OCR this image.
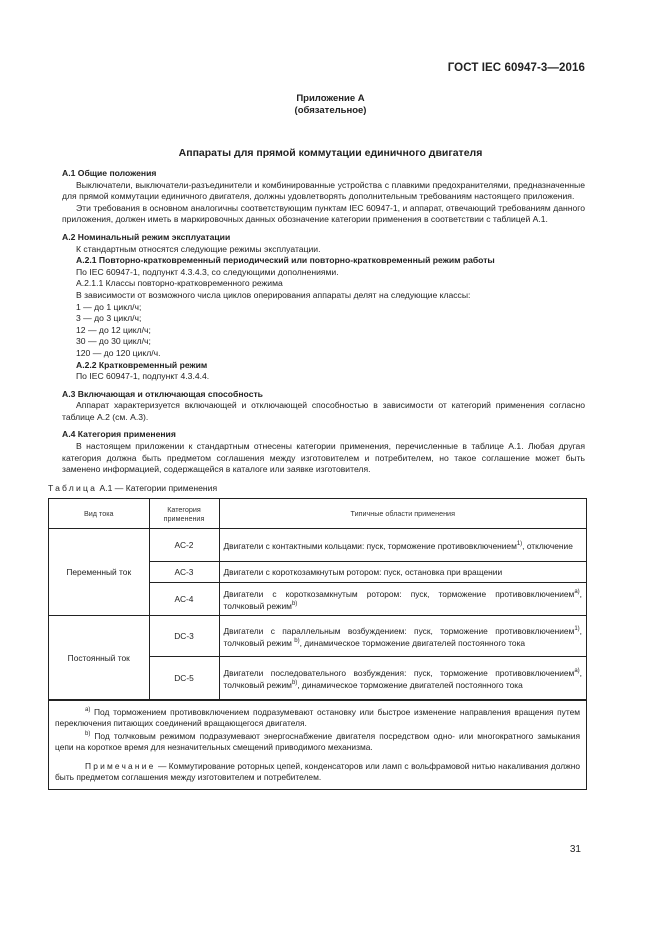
ГОСТ IEC 60947-3—2016
Приложение А
(обязательное)
Аппараты для прямой коммутации единичного двигателя

А.1 Общие положения

Выключатели, выключатели-разъединители и комбинированные устройства с плавкими предохранителями, предназначенные для прямой коммутации единичного двигателя, должны удовлетворять дополнительным требованиям настоящего приложения.

Эти требования в основном аналогичны соответствующим пунктам IEC 60947-1, и аппарат, отвечающий требованиям данного приложения, должен иметь в маркировочных данных обозначение категории применения в соответствии с таблицей А.1.

А.2 Номинальный режим эксплуатации

К стандартным относятся следующие режимы эксплуатации.

А.2.1 Повторно-кратковременный периодический или повторно-кратковременный режим работы

По IEC 60947-1, подпункт 4.3.4.3, со следующими дополнениями.

А.2.1.1 Классы повторно-кратковременного режима

В зависимости от возможного числа циклов оперирования аппараты делят на следующие классы:

1 — до 1 цикл/ч;

3 — до 3 цикл/ч;

12 — до 12 цикл/ч;

30 — до 30 цикл/ч;

120 — до 120 цикл/ч.

А.2.2 Кратковременный режим

По IEC 60947-1, подпункт 4.3.4.4.

А.3 Включающая и отключающая способность

Аппарат характеризуется включающей и отключающей способностью в зависимости от категорий применения согласно таблице А.2 (см. А.3).

А.4 Категория применения

В настоящем приложении к стандартным отнесены категории применения, перечисленные в таблице А.1. Любая другая категория должна быть предметом соглашения между изготовителем и потребителем, но такое соглашение может быть заменено информацией, содержащейся в каталоге или заявке изготовителя.

Таблица А.1 — Категории применения

Вид тока	Категория применения	Типичные области применения
Переменный ток	АС-2	Двигатели с контактными кольцами: пуск, торможение противовключением$^{1)}$, отключение
	АС-3	Двигатели с короткозамкнутым ротором: пуск, остановка при вращении
	АС-4	Двигатели с короткозамкнутым ротором: пуск, торможение противовключением$^{а)}$, толчковый режим$^{b)}$
Постоянный ток	DC-3	Двигатели с параллельным возбуждением: пуск, торможение противовключением$^{1)}$, толчковый режим $^{b)}$, динамическое торможение двигателей постоянного тока
	DC-5	Двигатели последовательного возбуждения: пуск, торможение противовключением$^{а)}$, толчковый режим$^{b)}$, динамическое торможение двигателей постоянного тока

$^{а)}$ Под торможением противовключением подразумевают остановку или быстрое изменение направления вращения путем переключения питающих соединений вращающегося двигателя.

$^{b)}$ Под толчковым режимом подразумевают энергоснабжение двигателя посредством одно- или многократного замыкания цепи на короткое время для незначительных смещений приводимого механизма.

Примечание — Коммутирование роторных цепей, конденсаторов или ламп с вольфрамовой нитью накаливания должно быть предметом соглашения между изготовителем и потребителем.

31
